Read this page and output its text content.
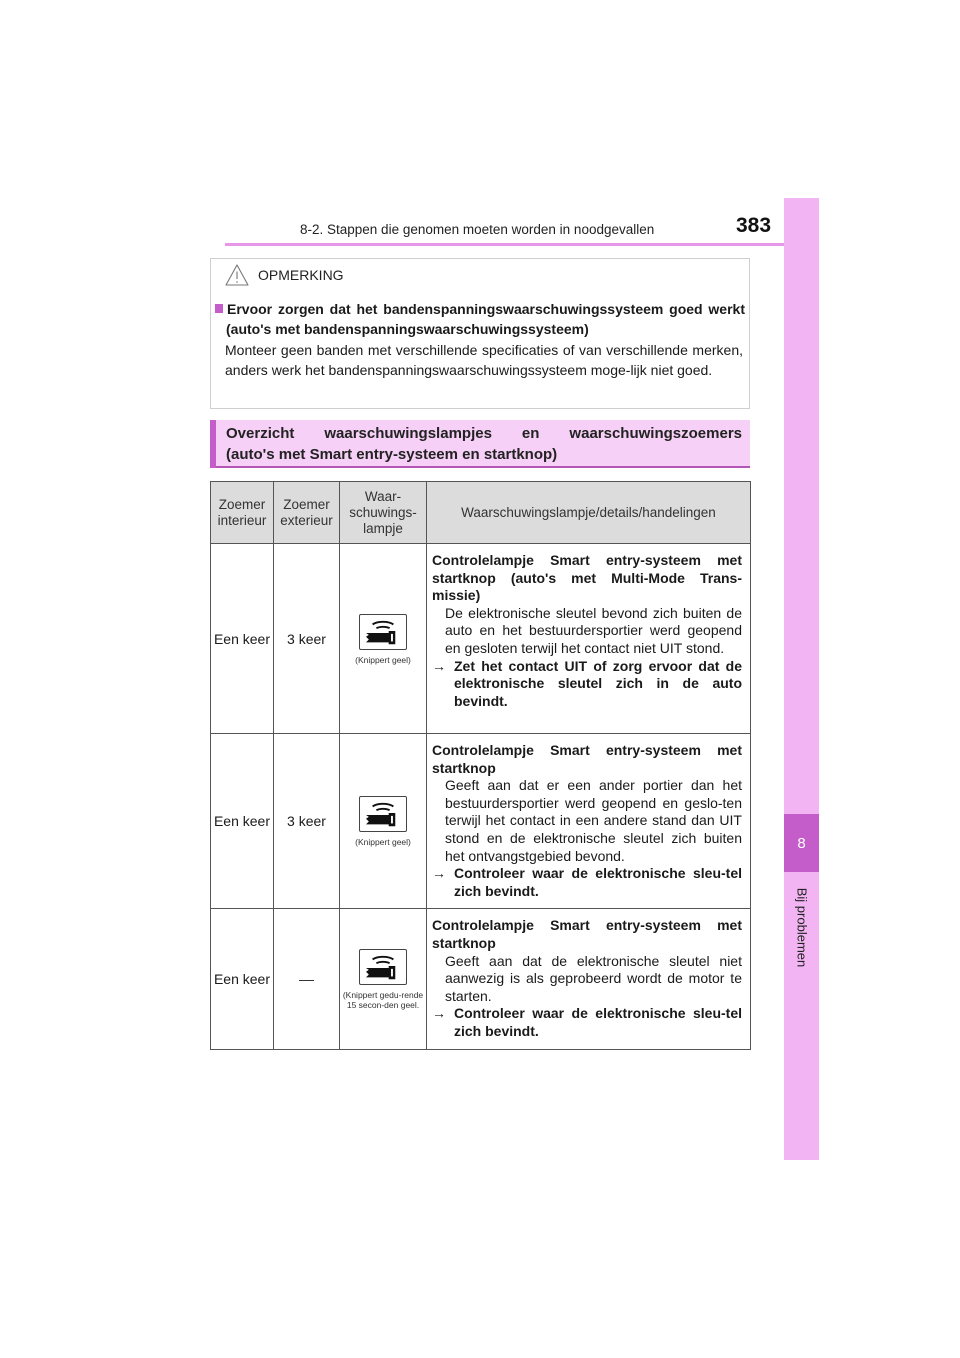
8-2. Stappen die genomen moeten worden in noodgevallen	383
8
Bij problemen
OPMERKING
Ervoor zorgen dat het bandenspanningswaarschuwingssysteem goed werkt (auto's met bandenspanningswaarschuwingssysteem)
Monteer geen banden met verschillende specificaties of van verschillende merken, anders werk het bandenspanningswaarschuwingssysteem moge-lijk niet goed.
Overzicht waarschuwingslampjes en waarschuwingszoemers
(auto's met Smart entry-systeem en startknop)
Zoemer interieur	Zoemer exterieur	Waar-schuwings-lampje	Waarschuwingslampje/details/handelingen
Een keer	3 keer	(Knippert geel)	Controlelampje Smart entry-systeem met startknop (auto's met Multi-Mode Trans-missie)
De elektronische sleutel bevond zich buiten de auto en het bestuurdersportier werd geopend en gesloten terwijl het contact niet UIT stond.
→ Zet het contact UIT of zorg ervoor dat de elektronische sleutel zich in de auto bevindt.

Een keer	3 keer	(Knippert geel)	Controlelampje Smart entry-systeem met startknop
Geeft aan dat er een ander portier dan het bestuurdersportier werd geopend en geslo-ten terwijl het contact in een andere stand dan UIT stond en de elektronische sleutel zich buiten het ontvangstgebied bevond.
→ Controleer waar de elektronische sleu-tel zich bevindt.

Een keer		(Knippert gedu-rende 15 secon-den geel.	Controlelampje Smart entry-systeem met startknop
Geeft aan dat de elektronische sleutel niet aanwezig is als geprobeerd wordt de motor te starten.
→ Controleer waar de elektronische sleu-tel zich bevindt.
